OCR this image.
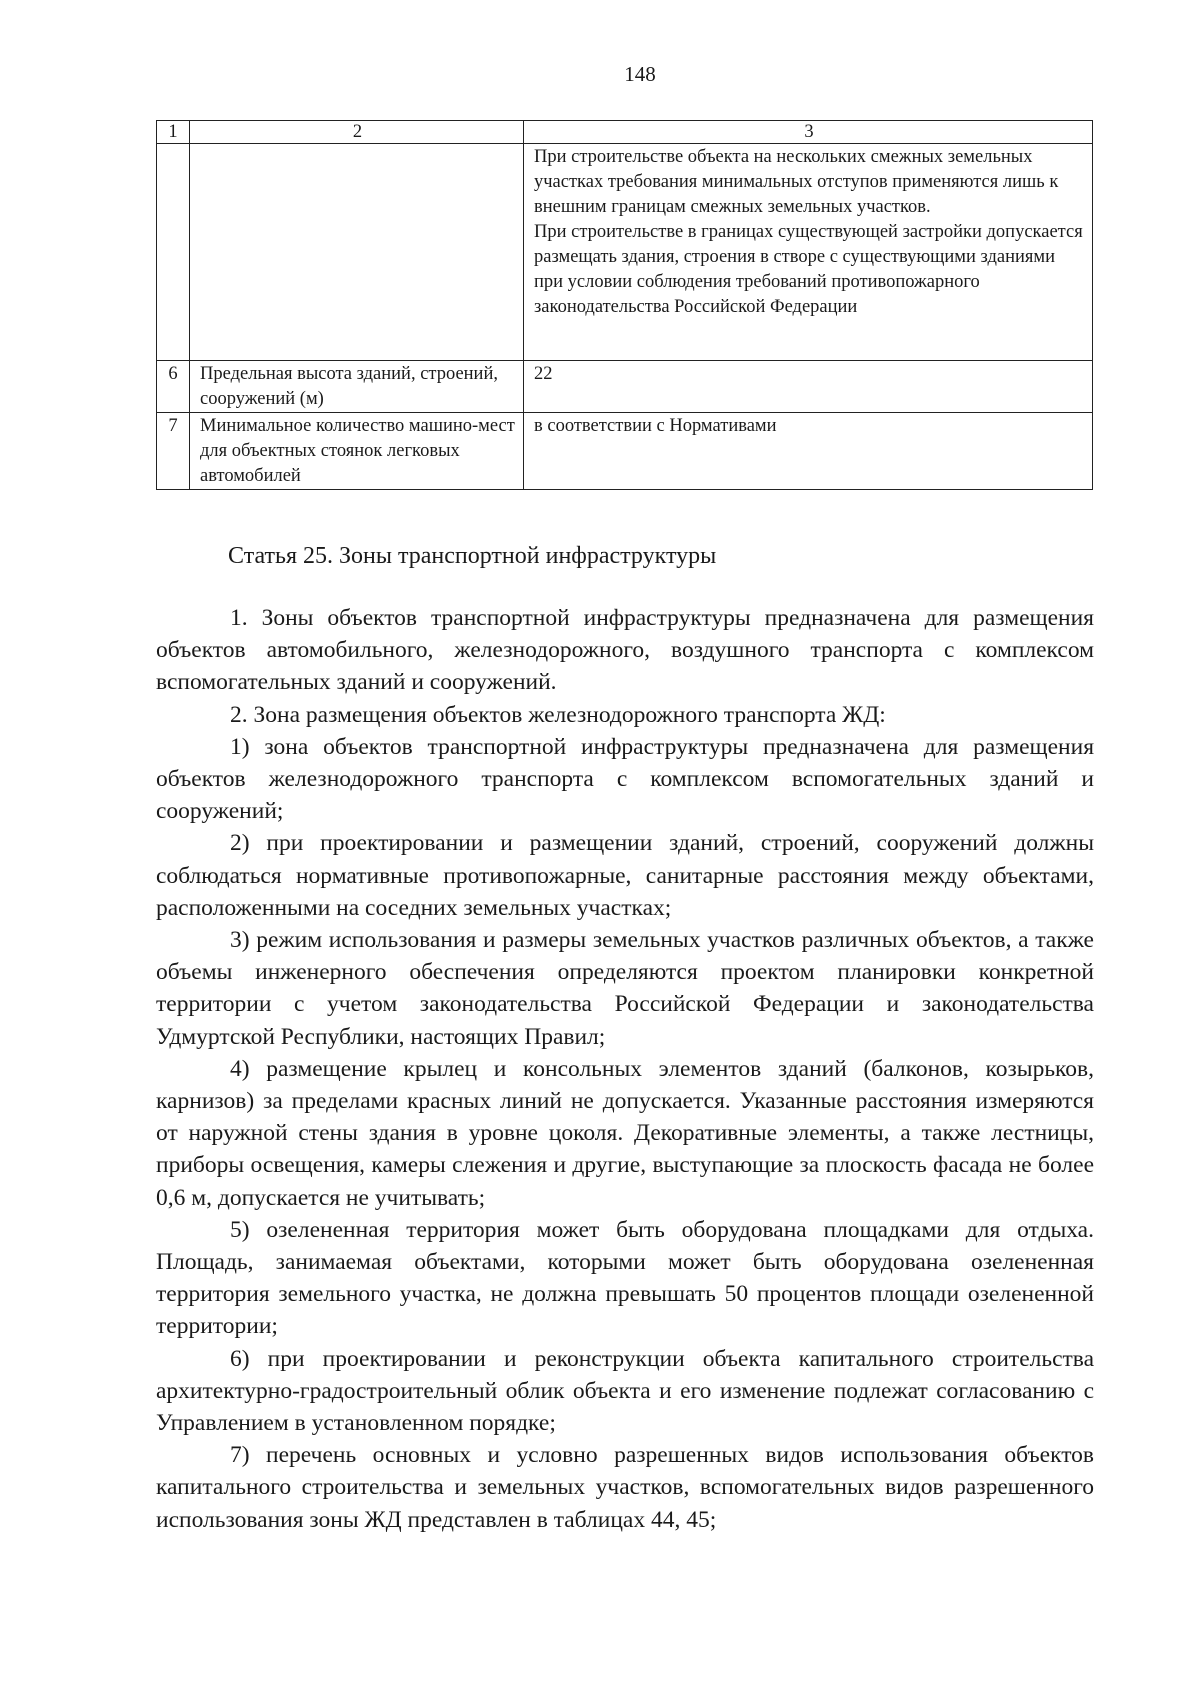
148
1	2	3

		При строительстве объекта на нескольких смежных земельных участках требования минимальных отступов применяются лишь к внешним границам смежных земельных участков.
При строительстве в границах существующей застройки допускается размещать здания, строения в створе с существующими зданиями при условии соблюдения требований противопожарного законодательства Российской Федерации

6	Предельная высота зданий, строений, сооружений (м)	22

7	Минимальное количество машино-мест для объектных стоянок легковых автомобилей	в соответствии с Нормативами
Статья 25. Зоны транспортной инфраструктуры

1. Зоны объектов транспортной инфраструктуры предназначена для размещения объектов автомобильного, железнодорожного, воздушного транспорта с комплексом вспомогательных зданий и сооружений.

2. Зона размещения объектов железнодорожного транспорта ЖД:

1) зона объектов транспортной инфраструктуры предназначена для размещения объектов железнодорожного транспорта с комплексом вспомогательных зданий и сооружений;

2) при проектировании и размещении зданий, строений, сооружений должны соблюдаться нормативные противопожарные, санитарные расстояния между объектами, расположенными на соседних земельных участках;

3) режим использования и размеры земельных участков различных объектов, а также объемы инженерного обеспечения определяются проектом планировки конкретной территории с учетом законодательства Российской Федерации и законодательства Удмуртской Республики, настоящих Правил;

4) размещение крылец и консольных элементов зданий (балконов, козырьков, карнизов) за пределами красных линий не допускается. Указанные расстояния измеряются от наружной стены здания в уровне цоколя. Декоративные элементы, а также лестницы, приборы освещения, камеры слежения и другие, выступающие за плоскость фасада не более 0,6 м, допускается не учитывать;

5) озелененная территория может быть оборудована площадками для отдыха. Площадь, занимаемая объектами, которыми может быть оборудована озелененная территория земельного участка, не должна превышать 50 процентов площади озелененной территории;

6) при проектировании и реконструкции объекта капитального строительства архитектурно-градостроительный облик объекта и его изменение подлежат согласованию с Управлением в установленном порядке;

7) перечень основных и условно разрешенных видов использования объектов капитального строительства и земельных участков, вспомогательных видов разрешенного использования зоны ЖД представлен в таблицах 44, 45;
